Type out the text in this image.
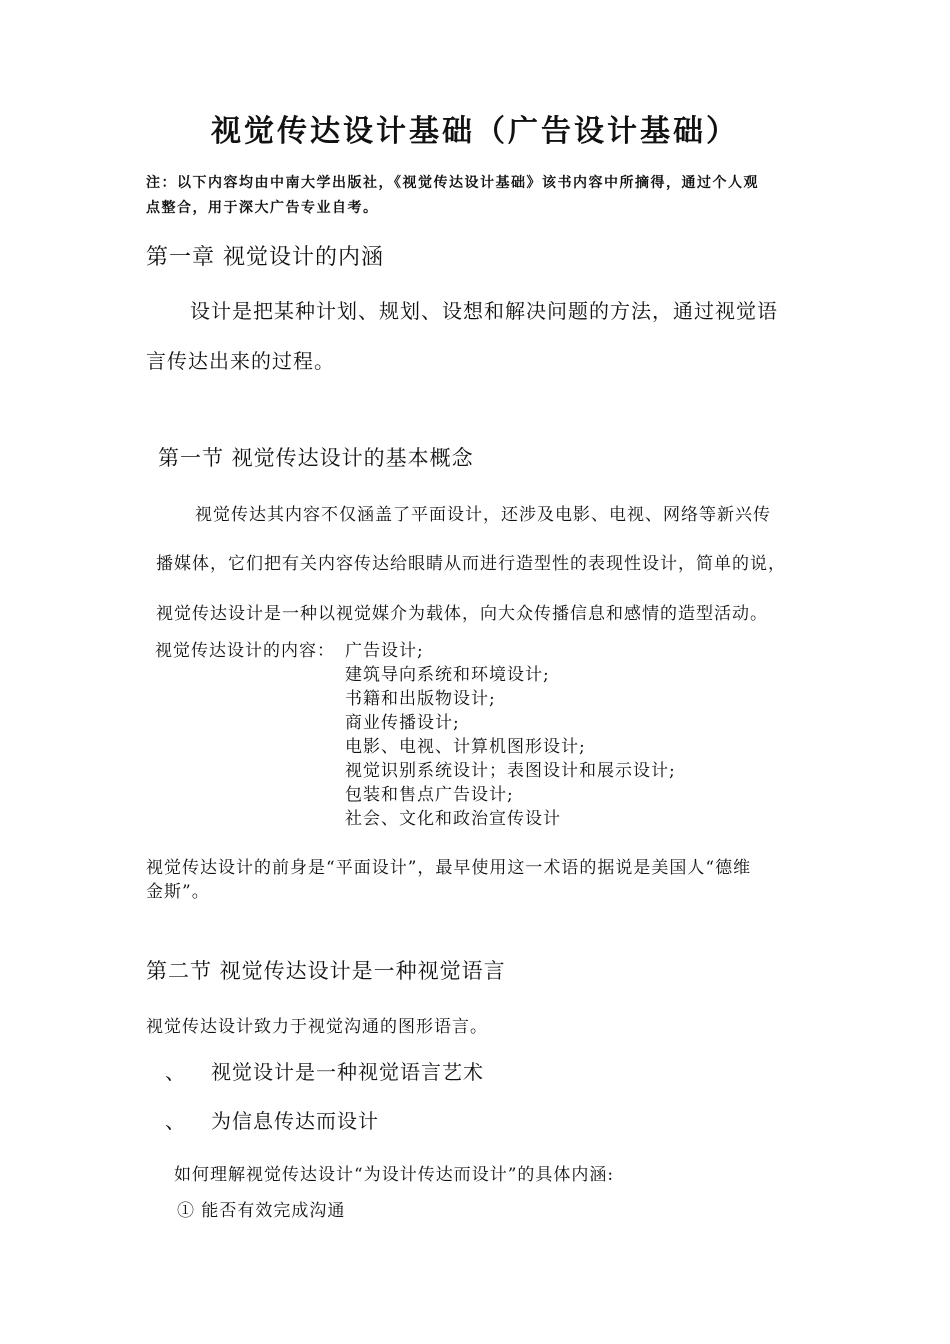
视觉传达设计基础（广告设计基础）
注：以下内容均由中南大学出版社，《视觉传达设计基础》该书内容中所摘得，通过个人观
点整合，用于深大广告专业自考。
第一章 视觉设计的内涵
设计是把某种计划、规划、设想和解决问题的方法，通过视觉语
言传达出来的过程。
第一节 视觉传达设计的基本概念
视觉传达其内容不仅涵盖了平面设计，还涉及电影、电视、网络等新兴传
播媒体，它们把有关内容传达给眼睛从而进行造型性的表现性设计，简单的说，
视觉传达设计是一种以视觉媒介为载体，向大众传播信息和感情的造型活动。
视觉传达设计的内容： 广告设计;
建筑导向系统和环境设计;
书籍和出版物设计;
商业传播设计;
电影、电视、计算机图形设计;
视觉识别系统设计；表图设计和展示设计;
包装和售点广告设计;
社会、文化和政治宣传设计
视觉传达设计的前身是“平面设计”，最早使用这一术语的据说是美国人“德维
金斯”。
第二节 视觉传达设计是一种视觉语言
视觉传达设计致力于视觉沟通的图形语言。
、 视觉设计是一种视觉语言艺术
、 为信息传达而设计
如何理解视觉传达设计“为设计传达而设计”的具体内涵:
① 能否有效完成沟通
